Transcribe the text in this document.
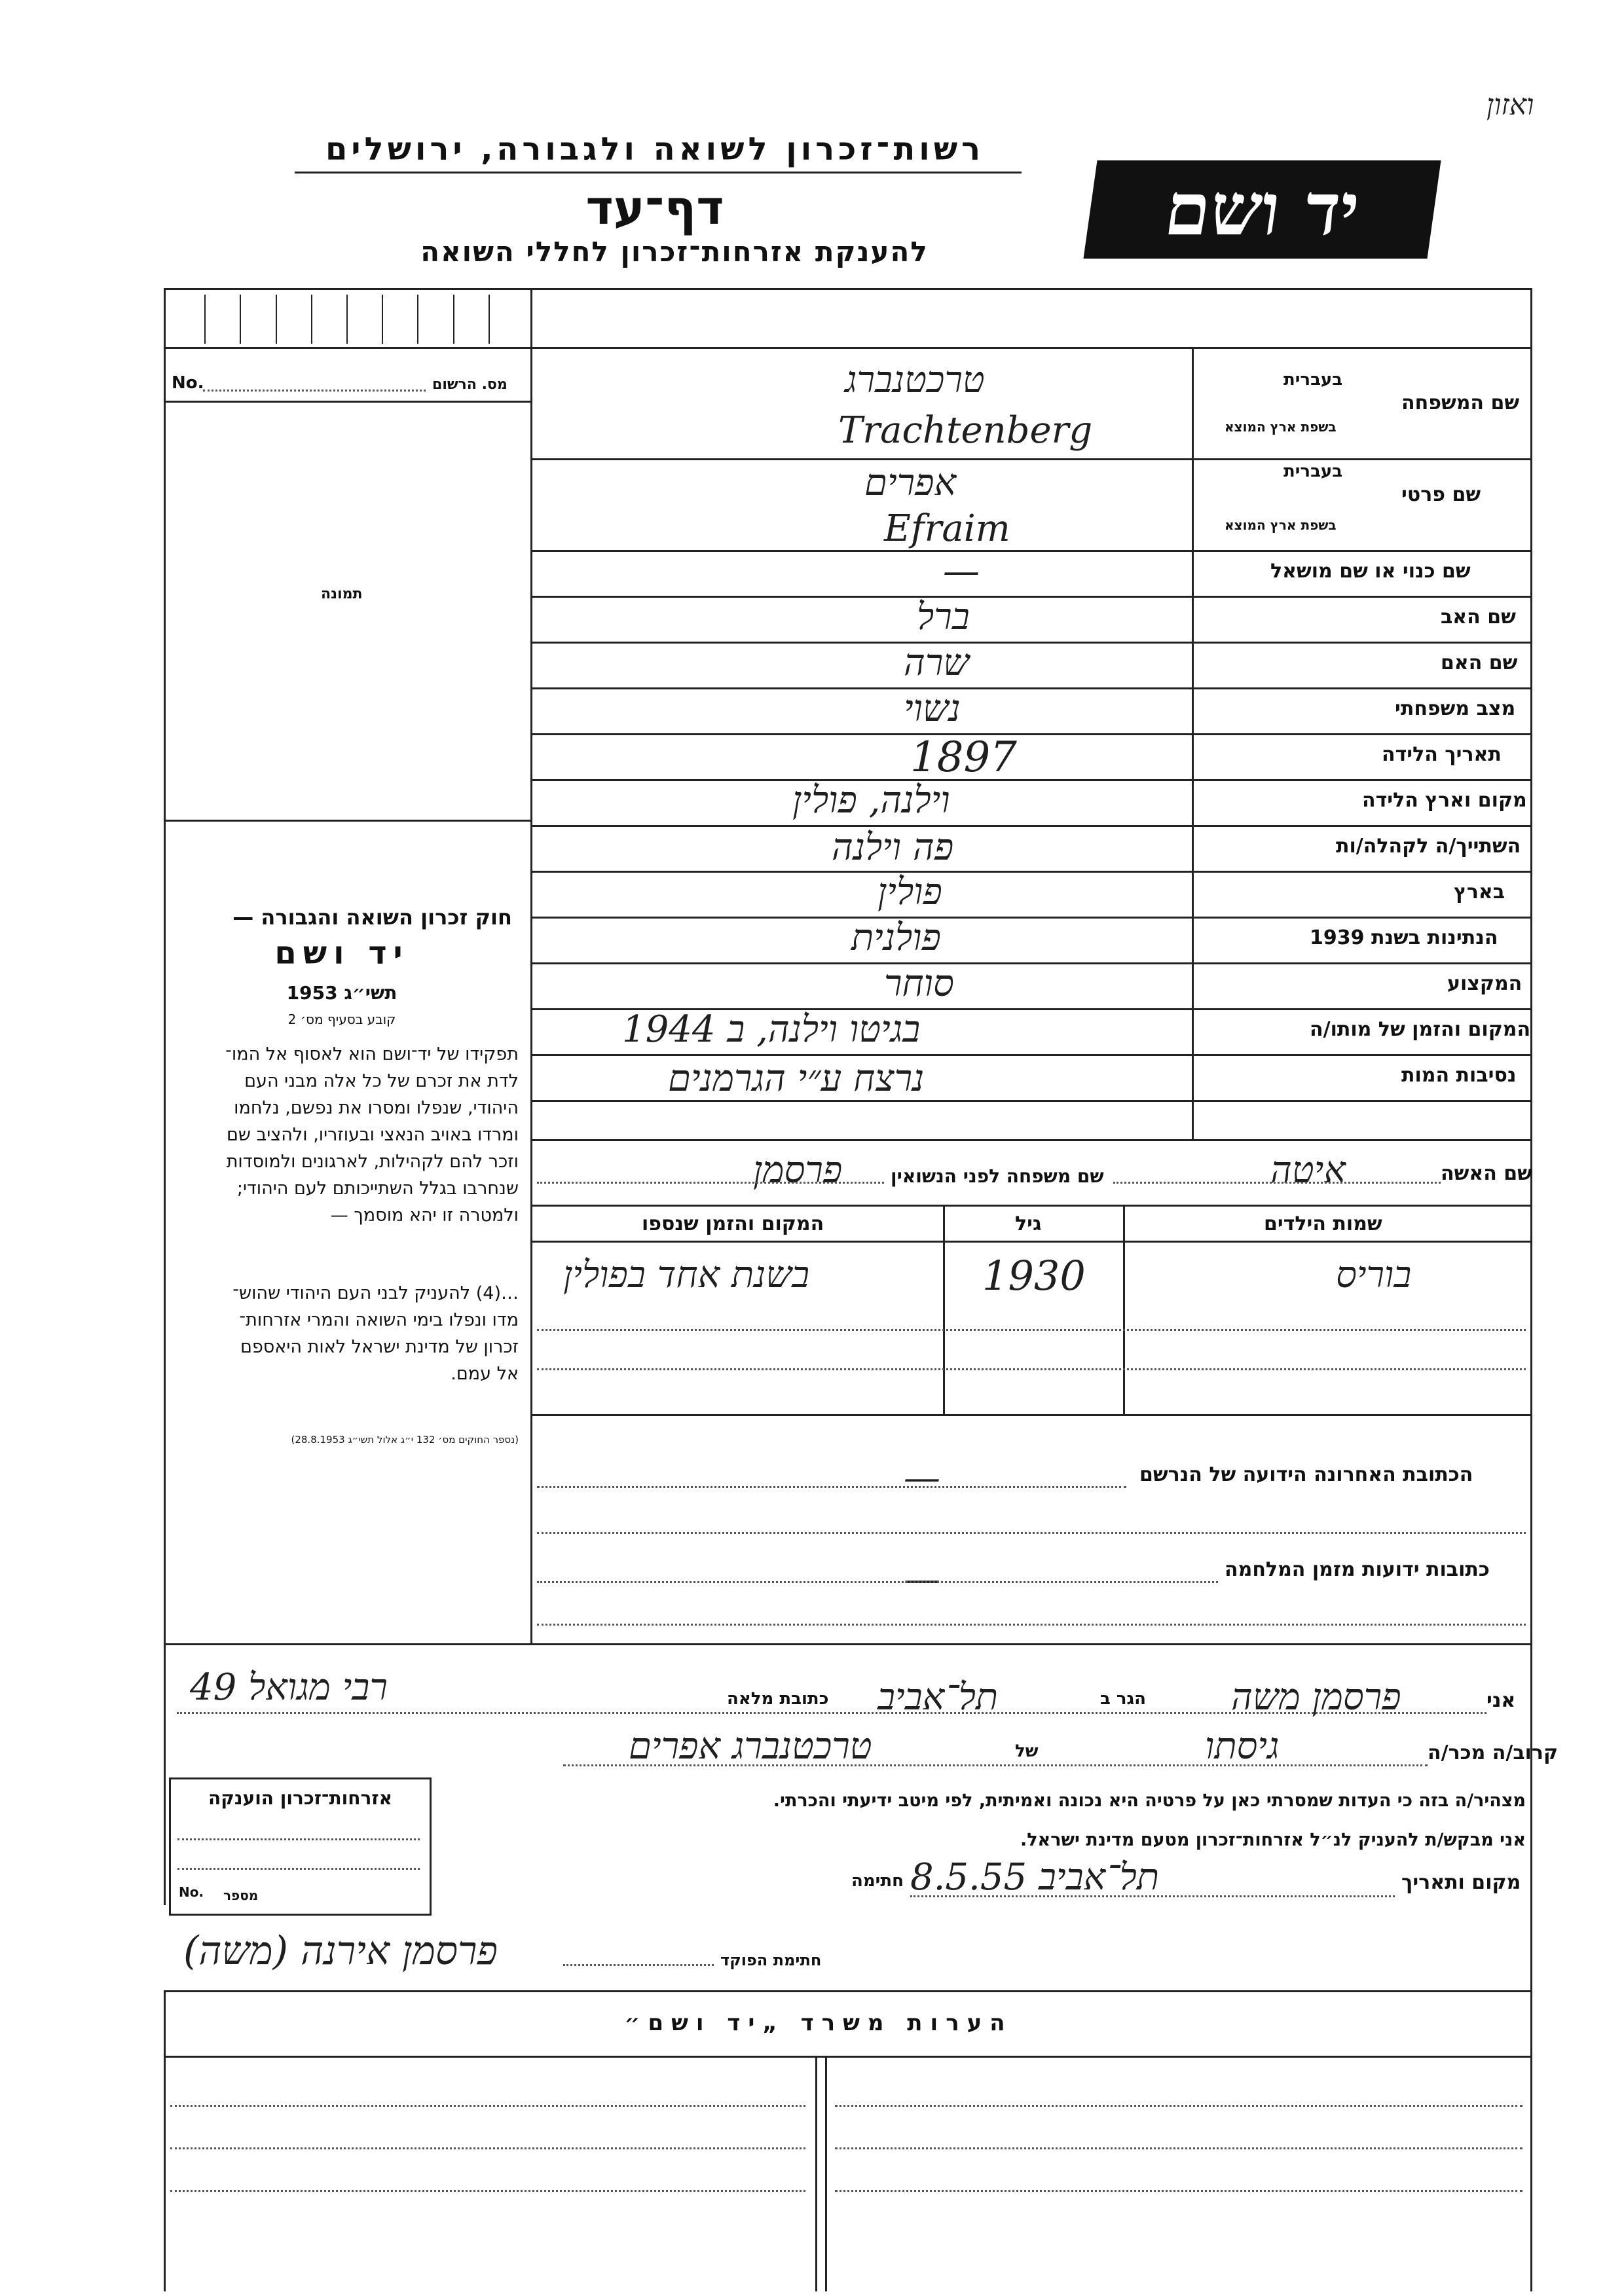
ואזון
רשות־זכרון לשואה ולגבורה, ירושלים
דף־עד
להענקת אזרחות־זכרון לחללי השואה
יד ושם
No.	מס. הרשום
תמונה
חוק זכרון השואה והגבורה —
יד ושם
תשי״ג 1953
קובע בסעיף מס׳ 2
תפקידו של יד־ושם הוא לאסוף אל המו־
לדת את זכרם של כל אלה מבני העם
היהודי, שנפלו ומסרו את נפשם, נלחמו
ומרדו באויב הנאצי ובעוזריו, ולהציב שם
וזכר להם לקהילות, לארגונים ולמוסדות
שנחרבו בגלל השתייכותם לעם היהודי;
ולמטרה זו יהא מוסמך —
…(4) להעניק לבני העם היהודי שהוש־
מדו ונפלו בימי השואה והמרי אזרחות־
זכרון של מדינת ישראל לאות היאספם
אל עמם.
(נספר החוקים מס׳ 132 י״ג אלול תשי״ג 28.8.1953)
בעברית
שם המשפחה
בשפת ארץ המוצא
טרכטנברג
Trachtenberg
בעברית
שם פרטי
בשפת ארץ המוצא
אפרים
Efraim
שם כנוי או שם מושאל
—
שם האב
ברל
שם האם
שרה
מצב משפחתי
נשוי
תאריך הלידה
1897
מקום וארץ הלידה
וילנה, פולין
השתייך/ה לקהלה/ות
פה וילנה
בארץ
פולין
הנתינות בשנת 1939
פולנית
המקצוע
סוחר
המקום והזמן של מותו/ה
בגיטו וילנה, ב 1944
נסיבות המות
נרצח ע״י הגרמנים
שם האשה
איטה
שם משפחה לפני הנשואין
פרסמן
שמות הילדים
גיל
המקום והזמן שנספו
בוריס
1930
בשנת אחד בפולין
הכתובת האחרונה הידועה של הנרשם
—
כתובות ידועות מזמן המלחמה
—
אני
פרסמן משה
הגר ב
תל־אביב
כתובת מלאה
רבי מגואל 49
קרוב/ה מכר/ה
גיסתו
של
טרכטנברג אפרים
מצהיר/ה בזה כי העדות שמסרתי כאן על פרטיה היא נכונה ואמיתית, לפי מיטב ידיעתי והכרתי.
אני מבקש/ת להעניק לנ״ל אזרחות־זכרון מטעם מדינת ישראל.
מקום ותאריך
תל־אביב 8.5.55
חתימה
אזרחות־זכרון הוענקה
No. מספר
פרסמן אירנה (משה)	חתימת הפוקד
הערות משרד „יד ושם״
